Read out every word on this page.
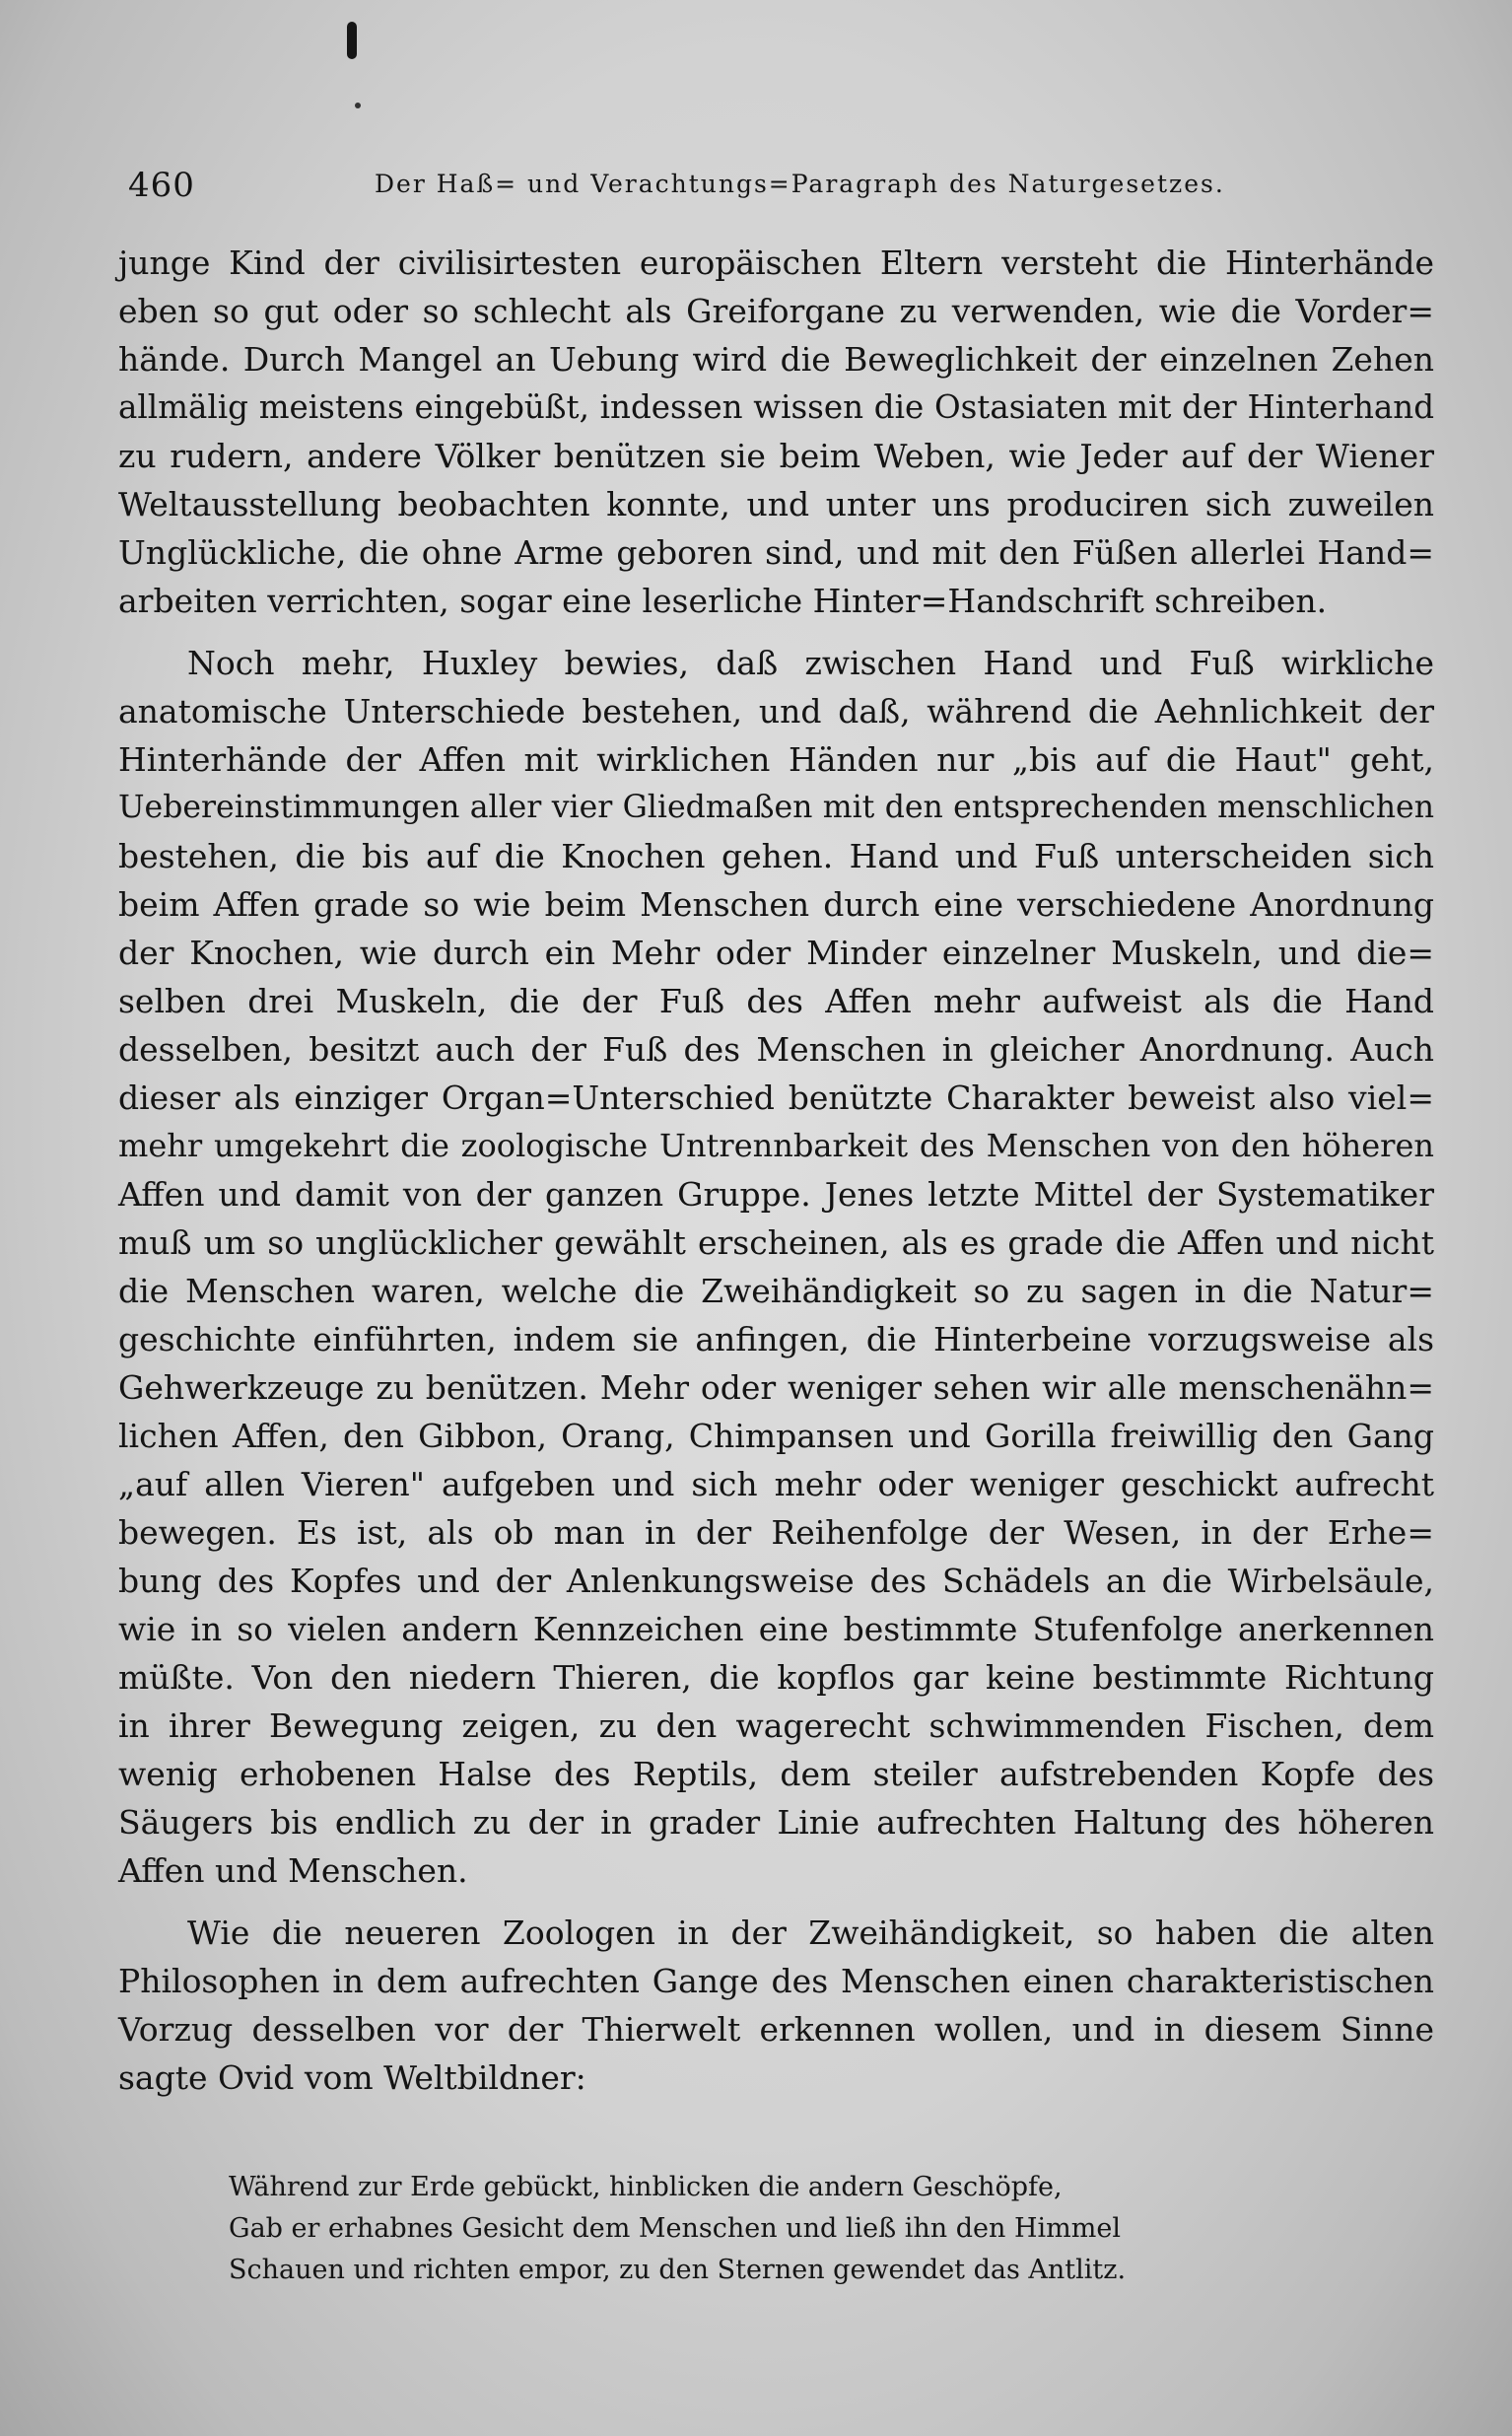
460	Der Haß= und Verachtungs=Paragraph des Naturgesetzes.
junge Kind der civilisirtesten europäischen Eltern versteht die Hinterhände
eben so gut oder so schlecht als Greiforgane zu verwenden, wie die Vorder=
hände. Durch Mangel an Uebung wird die Beweglichkeit der einzelnen Zehen
allmälig meistens eingebüßt, indessen wissen die Ostasiaten mit der Hinterhand
zu rudern, andere Völker benützen sie beim Weben, wie Jeder auf der Wiener
Weltausstellung beobachten konnte, und unter uns produciren sich zuweilen
Unglückliche, die ohne Arme geboren sind, und mit den Füßen allerlei Hand=
arbeiten verrichten, sogar eine leserliche Hinter=Handschrift schreiben.
Noch mehr, Huxley bewies, daß zwischen Hand und Fuß wirkliche
anatomische Unterschiede bestehen, und daß, während die Aehnlichkeit der
Hinterhände der Affen mit wirklichen Händen nur „bis auf die Haut" geht,
Uebereinstimmungen aller vier Gliedmaßen mit den entsprechenden menschlichen
bestehen, die bis auf die Knochen gehen. Hand und Fuß unterscheiden sich
beim Affen grade so wie beim Menschen durch eine verschiedene Anordnung
der Knochen, wie durch ein Mehr oder Minder einzelner Muskeln, und die=
selben drei Muskeln, die der Fuß des Affen mehr aufweist als die Hand
desselben, besitzt auch der Fuß des Menschen in gleicher Anordnung. Auch
dieser als einziger Organ=Unterschied benützte Charakter beweist also viel=
mehr umgekehrt die zoologische Untrennbarkeit des Menschen von den höheren
Affen und damit von der ganzen Gruppe. Jenes letzte Mittel der Systematiker
muß um so unglücklicher gewählt erscheinen, als es grade die Affen und nicht
die Menschen waren, welche die Zweihändigkeit so zu sagen in die Natur=
geschichte einführten, indem sie anfingen, die Hinterbeine vorzugsweise als
Gehwerkzeuge zu benützen. Mehr oder weniger sehen wir alle menschenähn=
lichen Affen, den Gibbon, Orang, Chimpansen und Gorilla freiwillig den Gang
„auf allen Vieren" aufgeben und sich mehr oder weniger geschickt aufrecht
bewegen. Es ist, als ob man in der Reihenfolge der Wesen, in der Erhe=
bung des Kopfes und der Anlenkungsweise des Schädels an die Wirbelsäule,
wie in so vielen andern Kennzeichen eine bestimmte Stufenfolge anerkennen
müßte. Von den niedern Thieren, die kopflos gar keine bestimmte Richtung
in ihrer Bewegung zeigen, zu den wagerecht schwimmenden Fischen, dem
wenig erhobenen Halse des Reptils, dem steiler aufstrebenden Kopfe des
Säugers bis endlich zu der in grader Linie aufrechten Haltung des höheren
Affen und Menschen.
Wie die neueren Zoologen in der Zweihändigkeit, so haben die alten
Philosophen in dem aufrechten Gange des Menschen einen charakteristischen
Vorzug desselben vor der Thierwelt erkennen wollen, und in diesem Sinne
sagte Ovid vom Weltbildner:
Während zur Erde gebückt, hinblicken die andern Geschöpfe,
Gab er erhabnes Gesicht dem Menschen und ließ ihn den Himmel
Schauen und richten empor, zu den Sternen gewendet das Antlitz.
